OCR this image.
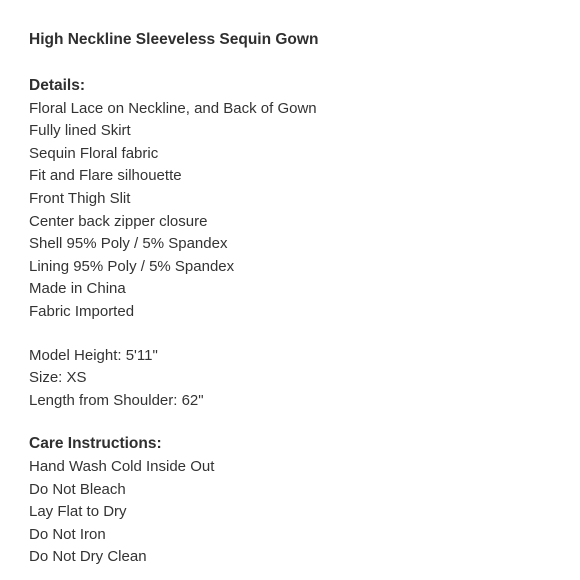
High Neckline Sleeveless Sequin Gown
Details:

Floral Lace on Neckline, and Back of Gown

Fully lined Skirt

Sequin Floral fabric

Fit and Flare silhouette

Front Thigh Slit

Center back zipper closure

Shell 95% Poly / 5% Spandex

Lining 95% Poly / 5% Spandex

Made in China

Fabric Imported

Model Height: 5'11"

Size: XS

Length from Shoulder: 62"

Care Instructions:

Hand Wash Cold Inside Out

Do Not Bleach

Lay Flat to Dry

Do Not Iron

Do Not Dry Clean
